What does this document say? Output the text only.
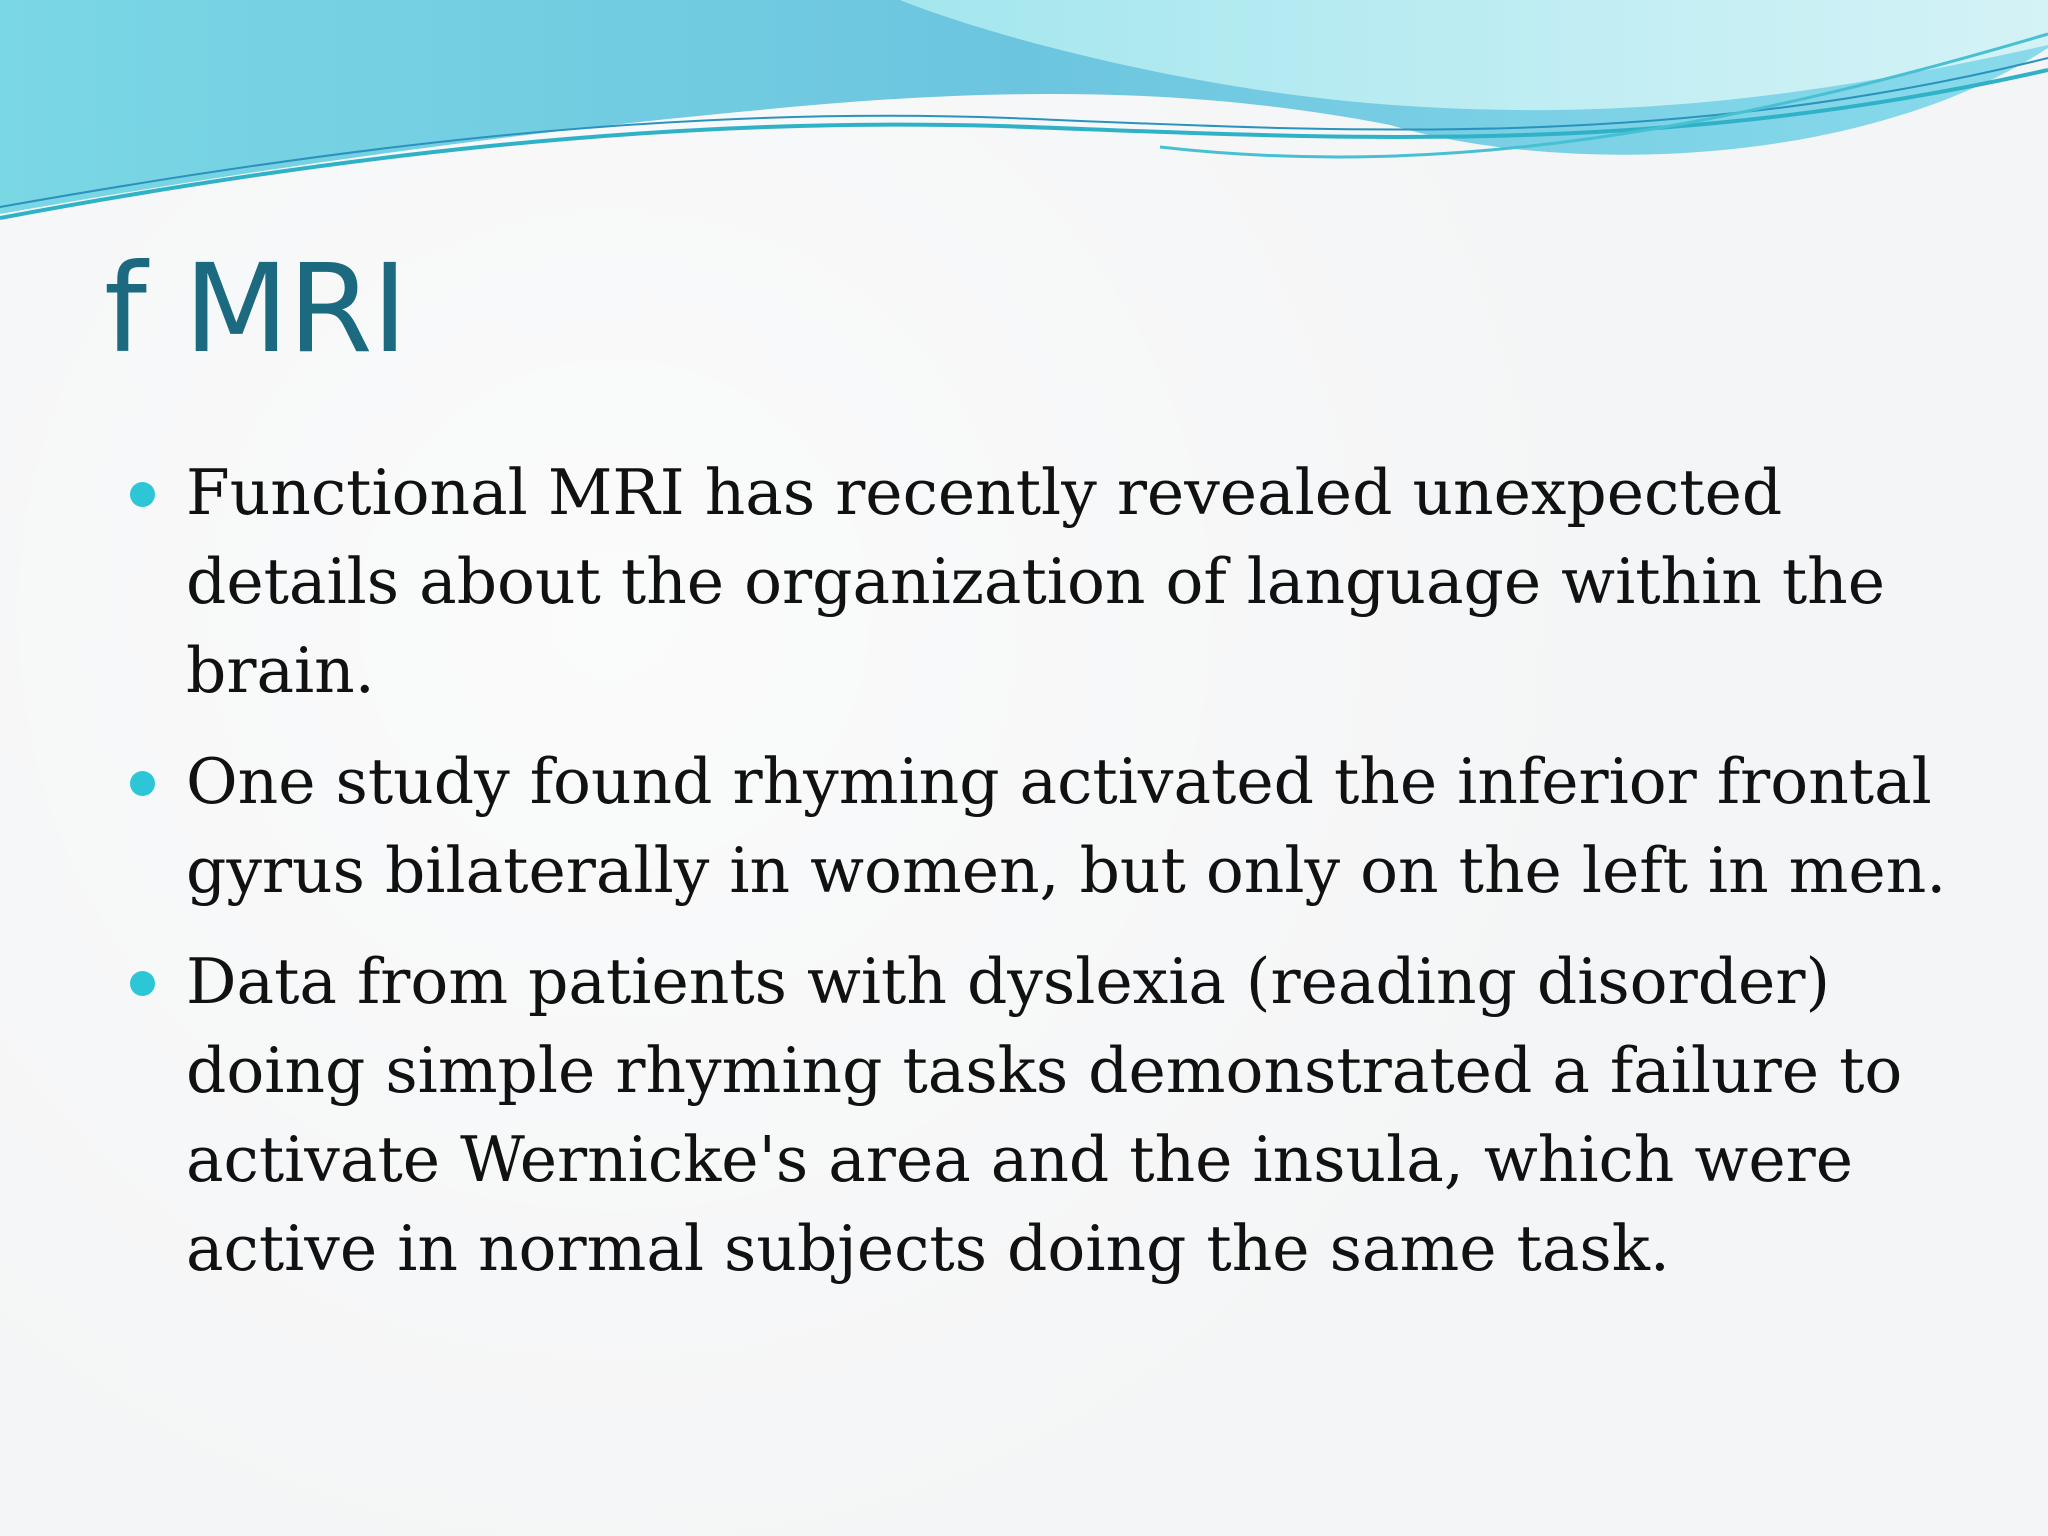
f MRI
Functional MRI has recently revealed unexpected details about the organization of language within the brain.
One study found rhyming activated the inferior frontal gyrus bilaterally in women, but only on the left in men.
Data from patients with dyslexia (reading disorder) doing simple rhyming tasks demonstrated a failure to activate Wernicke's area and the insula, which were active in normal subjects doing the same task.
